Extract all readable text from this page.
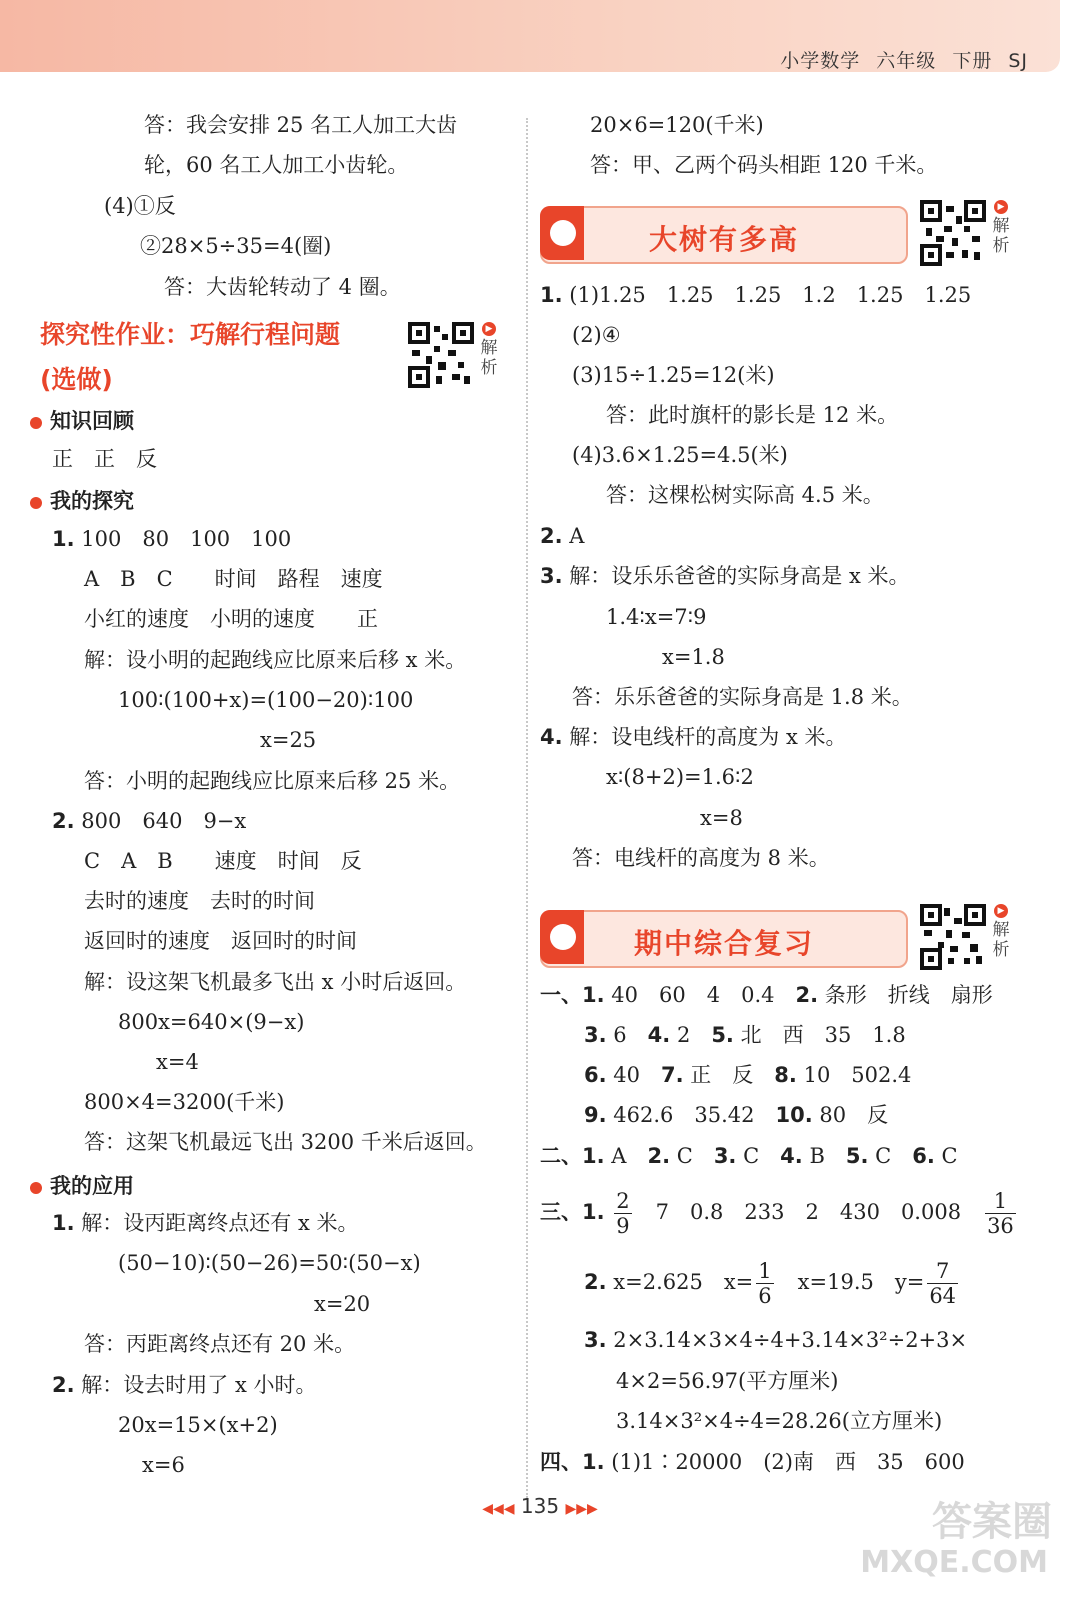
小学数学 六年级 下册 SJ
答：我会安排 25 名工人加工大齿
轮，60 名工人加工小齿轮。
(4)①反
②28×5÷35=4(圈)
答：大齿轮转动了 4 圈。
探究性作业：巧解行程问题
(选做)
▶
解析
知识回顾
正　正　反
我的探究
1. 100　80　100　100
A　B　C　　时间　路程　速度
小红的速度　小明的速度　　正
解：设小明的起跑线应比原来后移 x 米。
100∶(100+x)=(100−20)∶100
x=25
答：小明的起跑线应比原来后移 25 米。
2. 800　640　9−x
C　A　B　　速度　时间　反
去时的速度　去时的时间
返回时的速度　返回时的时间
解：设这架飞机最多飞出 x 小时后返回。
800x=640×(9−x)
x=4
800×4=3200(千米)
答：这架飞机最远飞出 3200 千米后返回。
我的应用
1. 解：设丙距离终点还有 x 米。
(50−10)∶(50−26)=50∶(50−x)
x=20
答：丙距离终点还有 20 米。
2. 解：设去时用了 x 小时。
20x=15×(x+2)
x=6
20×6=120(千米)
答：甲、乙两个码头相距 120 千米。
大树有多高
▶
解析
1. (1)1.25　1.25　1.25　1.2　1.25　1.25
(2)④
(3)15÷1.25=12(米)
答：此时旗杆的影长是 12 米。
(4)3.6×1.25=4.5(米)
答：这棵松树实际高 4.5 米。
2. A
3. 解：设乐乐爸爸的实际身高是 x 米。
1.4∶x=7∶9
x=1.8
答：乐乐爸爸的实际身高是 1.8 米。
4. 解：设电线杆的高度为 x 米。
x∶(8+2)=1.6∶2
x=8
答：电线杆的高度为 8 米。
期中综合复习
▶
解析
一、1. 40　60　4　0.4　 2. 条形　折线　扇形
3. 6　 4. 2　 5. 北　西　35　1.8
6. 40　 7. 正　反　 8. 10　502.4
9. 462.6　35.42　 10. 80　反
二、1. A　 2. C　 3. C　 4. B　 5. C　 6. C
三、1. $\frac{2}{9}$
　 7　0.8　233　2　430　0.008　 $\frac{1}{36}$
2. x=2.625　$x= \frac{1}{6}$
　 x=19.5　$y= \frac{7}{64}$
3. 2×3.14×3×4÷4+3.14×3²÷2+3×
4×2=56.97(平方厘米)
3.14×3²×4÷4=28.26(立方厘米)
四、1. (1)1∶20000　(2)南　西　35　600
◀◀◀ 135 ▶▶▶	答案圈
MXQE.COM
